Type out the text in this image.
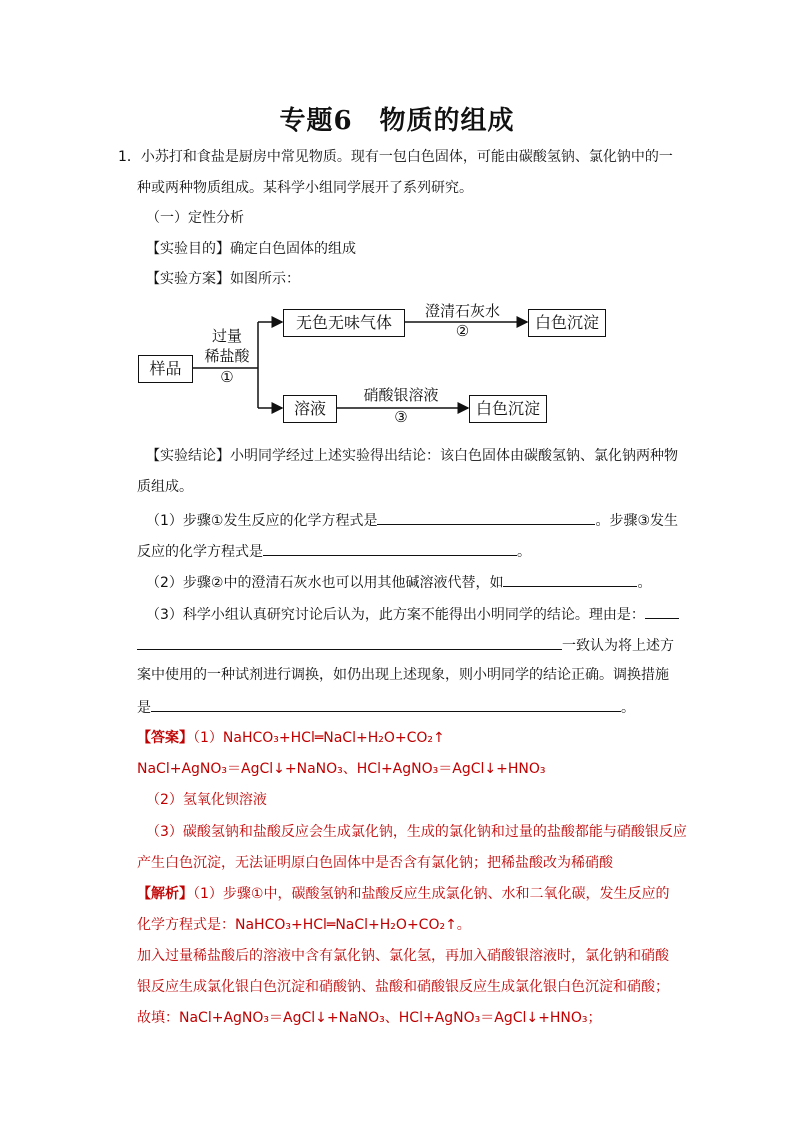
专题6　物质的组成
1．小苏打和食盐是厨房中常见物质。现有一包白色固体，可能由碳酸氢钠、氯化钠中的一
种或两种物质组成。某科学小组同学展开了系列研究。
（一）定性分析
【实验目的】确定白色固体的组成
【实验方案】如图所示：
样品
过量
稀盐酸
①
无色无味气体
澄清石灰水
②	白色沉淀
溶液
硝酸银溶液
③	白色沉淀
【实验结论】小明同学经过上述实验得出结论：该白色固体由碳酸氢钠、氯化钠两种物
质组成。
（1）步骤①发生反应的化学方程式是	。步骤③发生
反应的化学方程式是	。
（2）步骤②中的澄清石灰水也可以用其他碱溶液代替，如	。
（3）科学小组认真研究讨论后认为，此方案不能得出小明同学的结论。理由是：
一致认为将上述方
案中使用的一种试剂进行调换，如仍出现上述现象，则小明同学的结论正确。调换措施
是	。
【答案】（1）NaHCO₃+HCl═NaCl+H₂O+CO₂↑
NaCl+AgNO₃＝AgCl↓+NaNO₃、HCl+AgNO₃＝AgCl↓+HNO₃
（2）氢氧化钡溶液
（3）碳酸氢钠和盐酸反应会生成氯化钠，生成的氯化钠和过量的盐酸都能与硝酸银反应
产生白色沉淀，无法证明原白色固体中是否含有氯化钠；把稀盐酸改为稀硝酸
【解析】（1）步骤①中，碳酸氢钠和盐酸反应生成氯化钠、水和二氧化碳，发生反应的
化学方程式是：NaHCO₃+HCl═NaCl+H₂O+CO₂↑。
加入过量稀盐酸后的溶液中含有氯化钠、氯化氢，再加入硝酸银溶液时，氯化钠和硝酸
银反应生成氯化银白色沉淀和硝酸钠、盐酸和硝酸银反应生成氯化银白色沉淀和硝酸；
故填：NaCl+AgNO₃＝AgCl↓+NaNO₃、HCl+AgNO₃＝AgCl↓+HNO₃；
